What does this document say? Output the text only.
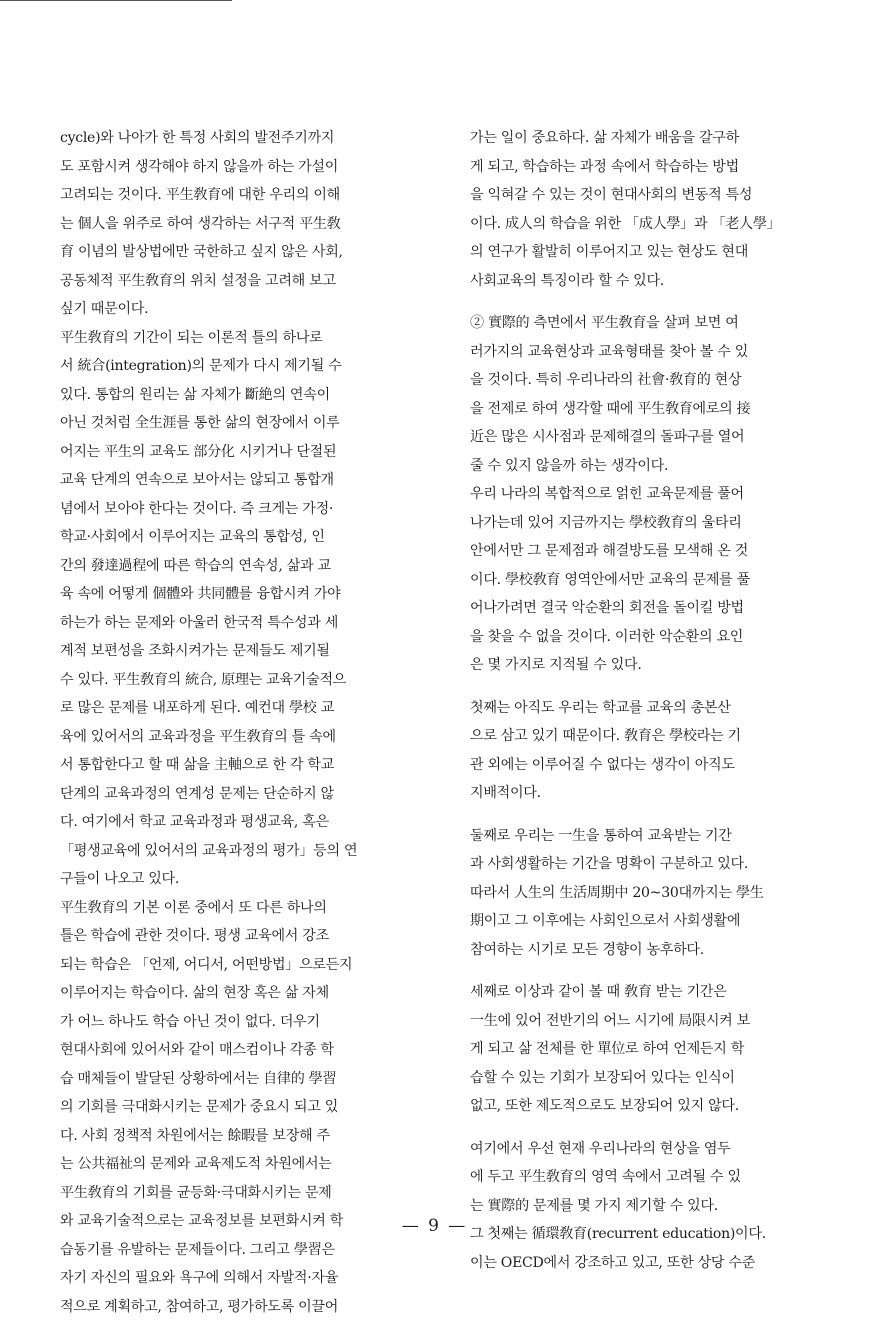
cycle)와 나아가 한 특정 사회의 발전주기까지
도 포함시켜 생각해야 하지 않을까 하는 가설이
고려되는 것이다. 平生敎育에 대한 우리의 이해
는 個人을 위주로 하여 생각하는 서구적 平生敎
育 이념의 발상법에만 국한하고 싶지 않은 사회,
공동체적 平生敎育의 위치 설정을 고려해 보고
싶기 때문이다.
平生敎育의 기간이 되는 이론적 틀의 하나로
서 統合(integration)의 문제가 다시 제기될 수
있다. 통합의 원리는 삶 자체가 斷絶의 연속이
아닌 것처럼 全生涯를 통한 삶의 현장에서 이루
어지는 平生의 교육도 部分化 시키거나 단절된
교육 단계의 연속으로 보아서는 않되고 통합개
념에서 보아야 한다는 것이다. 즉 크게는 가정·
학교·사회에서 이루어지는 교육의 통합성, 인
간의 發達過程에 따른 학습의 연속성, 삶과 교
육 속에 어떻게 個體와 共同體를 융합시켜 가야
하는가 하는 문제와 아울러 한국적 특수성과 세
계적 보편성을 조화시켜가는 문제들도 제기될
수 있다. 平生敎育의 統合, 原理는 교육기술적으
로 많은 문제를 내포하게 된다. 예컨대 學校 교
육에 있어서의 교육과정을 平生敎育의 틀 속에
서 통합한다고 할 때 삶을 主軸으로 한 각 학교
단계의 교육과정의 연계성 문제는 단순하지 않
다. 여기에서 학교 교육과정과 평생교육, 혹은
「평생교육에 있어서의 교육과정의 평가」등의 연
구들이 나오고 있다.
平生敎育의 기본 이론 중에서 또 다른 하나의
틀은 학습에 관한 것이다. 평생 교육에서 강조
되는 학습은 「언제, 어디서, 어떤방법」으로든지
이루어지는 학습이다. 삶의 현장 혹은 삶 자체
가 어느 하나도 학습 아닌 것이 없다. 더우기
현대사회에 있어서와 같이 매스컴이나 각종 학
습 매체들이 발달된 상황하에서는 自律的 學習
의 기회를 극대화시키는 문제가 중요시 되고 있
다. 사회 정책적 차원에서는 餘暇를 보장해 주
는 公共福祉의 문제와 교육제도적 차원에서는
平生敎育의 기회를 균등화·극대화시키는 문제
와 교육기술적으로는 교육정보를 보편화시켜 학
습동기를 유발하는 문제들이다. 그리고 學習은
자기 자신의 필요와 욕구에 의해서 자발적·자율
적으로 계획하고, 참여하고, 평가하도록 이끌어
가는 일이 중요하다. 삶 자체가 배움을 갈구하
게 되고, 학습하는 과정 속에서 학습하는 방법
을 익혀갈 수 있는 것이 현대사회의 변동적 특성
이다. 成人의 학습을 위한 「成人學」과 「老人學」
의 연구가 활발히 이루어지고 있는 현상도 현대
사회교육의 특징이라 할 수 있다.
② 實際的 측면에서 平生敎育을 살펴 보면 여
러가지의 교육현상과 교육형태를 찾아 볼 수 있
을 것이다. 특히 우리나라의 社會·敎育的 현상
을 전제로 하여 생각할 때에 平生敎育에로의 接
近은 많은 시사점과 문제해결의 돌파구를 열어
줄 수 있지 않을까 하는 생각이다.
우리 나라의 복합적으로 얽힌 교육문제를 풀어
나가는데 있어 지금까지는 學校敎育의 울타리
안에서만 그 문제점과 해결방도를 모색해 온 것
이다. 學校敎育 영역안에서만 교육의 문제를 풀
어나가려면 결국 악순환의 회전을 돌이킬 방법
을 찾을 수 없을 것이다. 이러한 악순환의 요인
은 몇 가지로 지적될 수 있다.
첫째는 아직도 우리는 학교를 교육의 총본산
으로 삼고 있기 때문이다. 敎育은 學校라는 기
관 외에는 이루어질 수 없다는 생각이 아직도
지배적이다.
둘째로 우리는 一生을 통하여 교육받는 기간
과 사회생활하는 기간을 명확이 구분하고 있다.
따라서 人生의 生活周期中 20~30대까지는 學生
期이고 그 이후에는 사회인으로서 사회생활에
참여하는 시기로 모든 경향이 농후하다.
세째로 이상과 같이 볼 때 敎育 받는 기간은
一生에 있어 전반기의 어느 시기에 局限시켜 보
게 되고 삶 전체를 한 單位로 하여 언제든지 학
습할 수 있는 기회가 보장되어 있다는 인식이
없고, 또한 제도적으로도 보장되어 있지 않다.
여기에서 우선 현재 우리나라의 현상을 염두
에 두고 平生敎育의 영역 속에서 고려될 수 있
는 實際的 문제를 몇 가지 제기할 수 있다.
그 첫째는 循環敎育(recurrent education)이다.
이는 OECD에서 강조하고 있고, 또한 상당 수준
— 9 —
